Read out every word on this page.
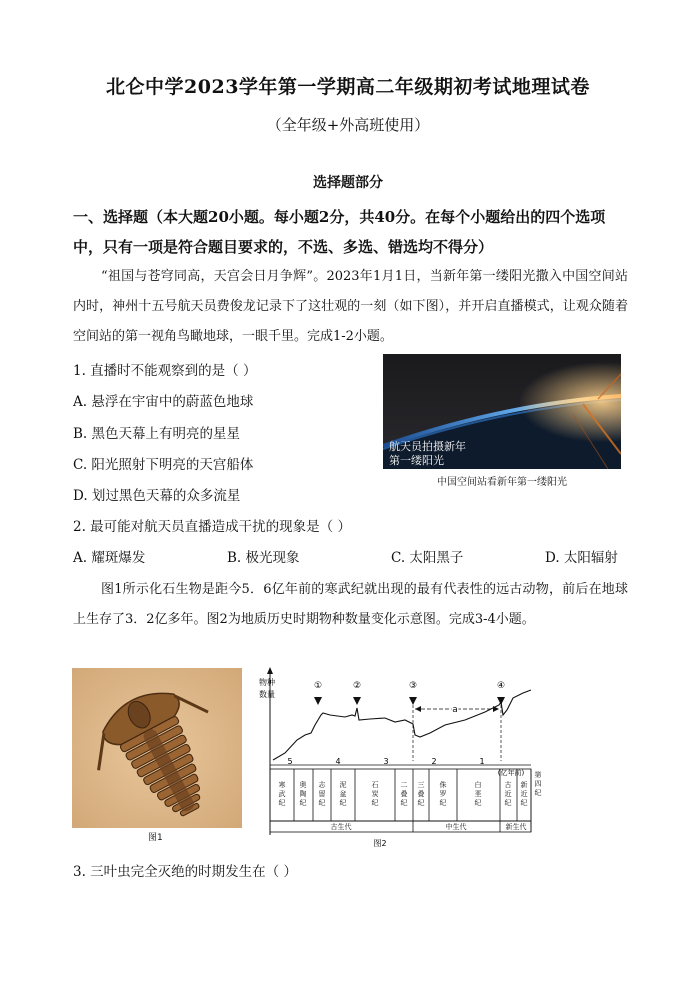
北仑中学2023学年第一学期高二年级期初考试地理试卷
（全年级+外高班使用）
选择题部分
一、选择题（本大题20小题。每小题2分，共40分。在每个小题给出的四个选项中，只有一项是符合题目要求的，不选、多选、错选均不得分）
“祖国与苍穹同高，天宫会日月争辉”。2023年1月1日，当新年第一缕阳光撒入中国空间站内时，神州十五号航天员费俊龙记录下了这壮观的一刻（如下图），并开启直播模式，让观众随着空间站的第一视角鸟瞰地球，一眼千里。完成1-2小题。
1. 直播时不能观察到的是（ ）
A. 悬浮在宇宙中的蔚蓝色地球
B. 黑色天幕上有明亮的星星
C. 阳光照射下明亮的天宫船体
D. 划过黑色天幕的众多流星
航天员拍摄新年
第一缕阳光
中国空间站看新年第一缕阳光
2. 最可能对航天员直播造成干扰的现象是（ ）
A. 耀斑爆发	B. 极光现象	C. 太阳黑子	D. 太阳辐射
图1所示化石生物是距今5．6亿年前的寒武纪就出现的最有代表性的远古动物，前后在地球上生存了3．2亿多年。图2为地质历史时期物种数量变化示意图。完成3-4小题。
图1
物种
数量
①	②	③	④
a
5	4	3	2	1
(亿年前)
寒
武
纪
奥
陶
纪
志
留
纪
泥
盆
纪
石
炭
纪
二
叠
纪
三
叠
纪
侏
罗
纪
白
垩
纪
古
近
纪
新
近
纪
第
四
纪
古生代	中生代	新生代
图2
3. 三叶虫完全灭绝的时期发生在（ ）
